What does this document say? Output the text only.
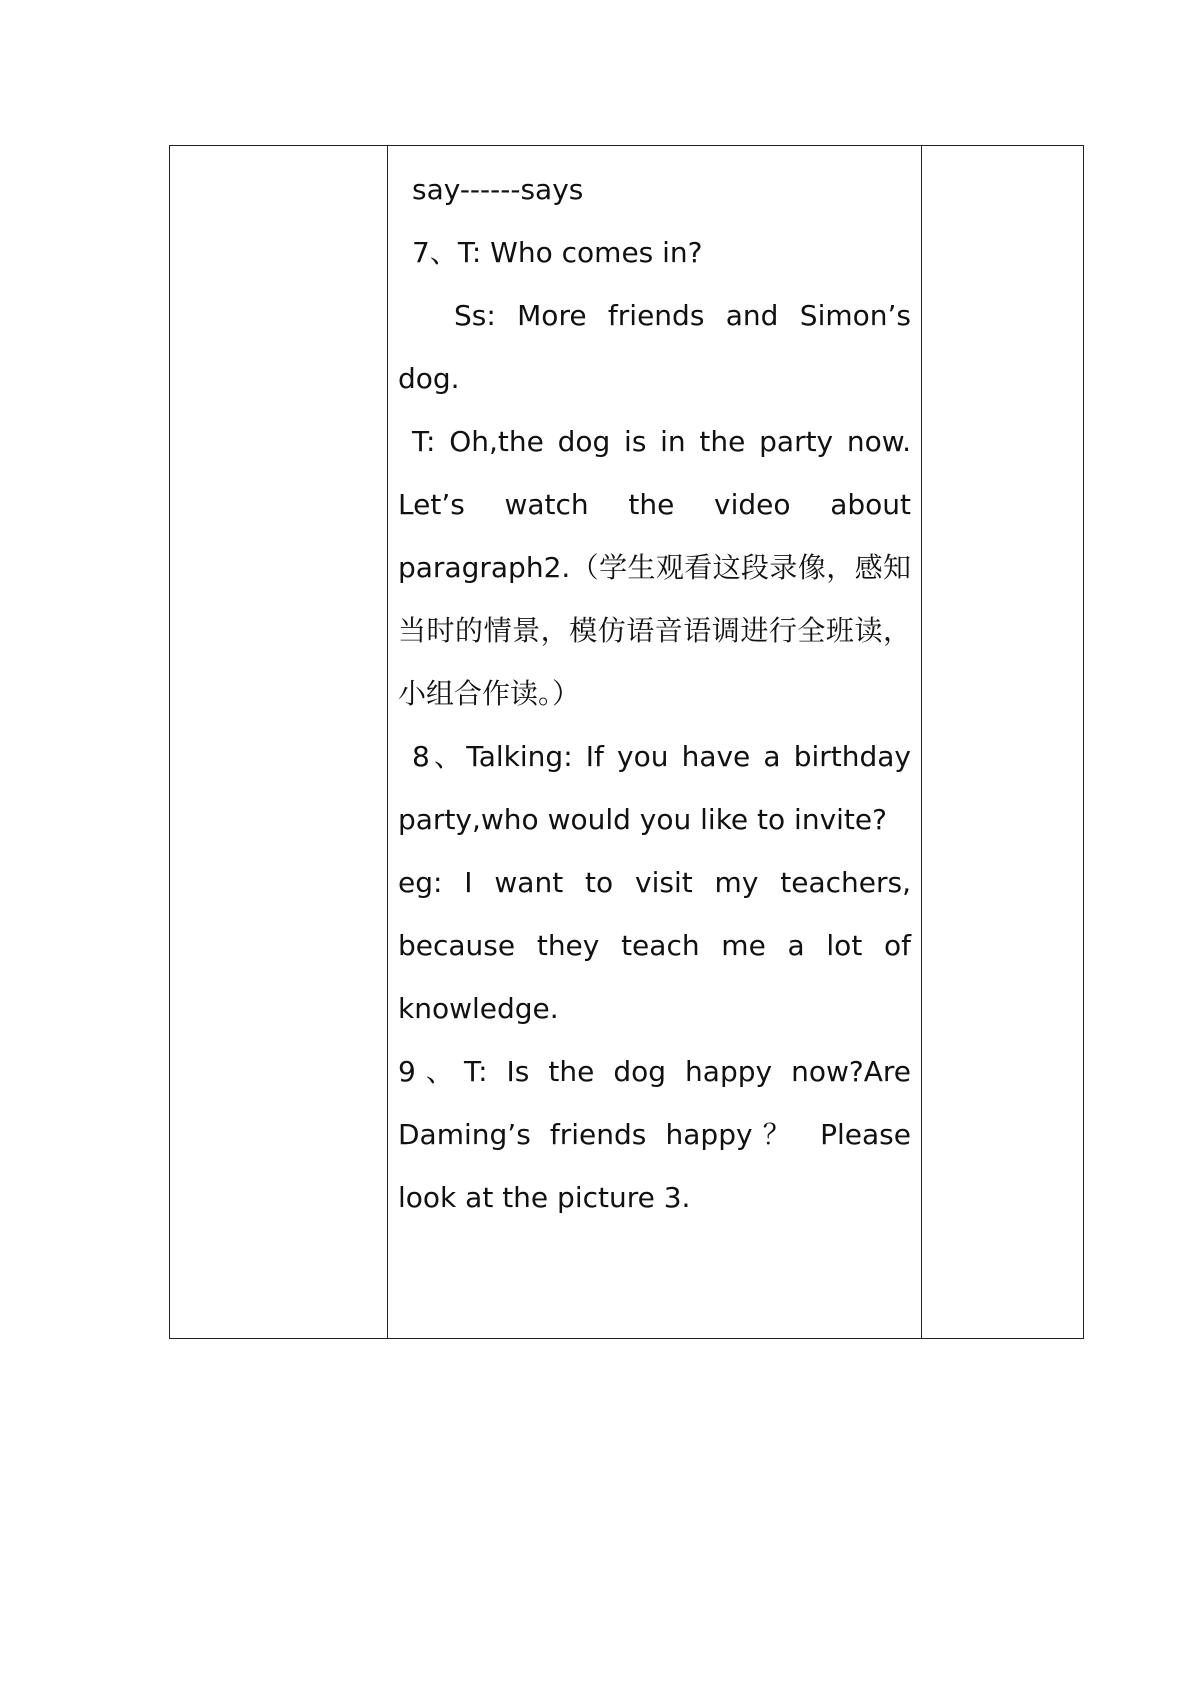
say------says
7、T: Who comes in?
Ss: More friends and Simon’s
dog.
T: Oh,the dog is in the party now.
Let’s watch the video about
paragraph2.（学生观看这段录像，感知
当时的情景，模仿语音语调进行全班读，
小组合作读。）
8、Talking: If you have a birthday
party,who would you like to invite?
eg: I want to visit my teachers,
because they teach me a lot of
knowledge.
9、T: Is the dog happy now?Are
Daming’s friends happy？ Please
look at the picture 3.
